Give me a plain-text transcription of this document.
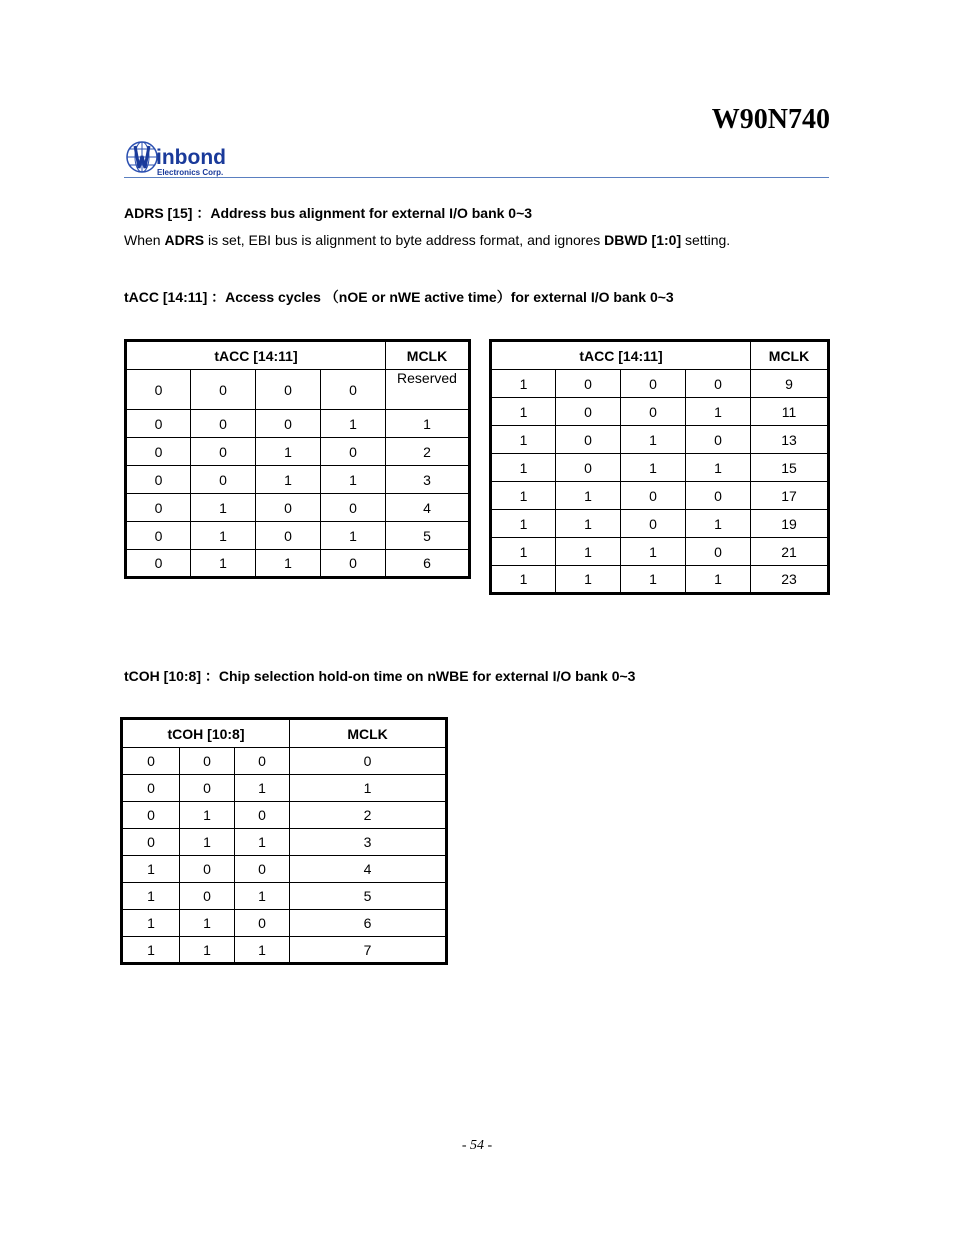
W90N740
inbond
Electronics Corp.
ADRS [15] ：Address bus alignment for external I/O bank 0~3
When ADRS is set, EBI bus is alignment to byte address format, and ignores DBWD [1:0] setting.
tACC [14:11] ：Access cycles （nOE or nWE active time）for external I/O bank 0~3
tACC [14:11]				MCLK
0	0	0	0	Reserved
0	0	0	1	1
0	0	1	0	2
0	0	1	1	3
0	1	0	0	4
0	1	0	1	5
0	1	1	0	6
tACC [14:11]				MCLK
1	0	0	0	9
1	0	0	1	11
1	0	1	0	13
1	0	1	1	15
1	1	0	0	17
1	1	0	1	19
1	1	1	0	21
1	1	1	1	23
tCOH [10:8] ：Chip selection hold-on time on nWBE for external I/O bank 0~3
tCOH [10:8]			MCLK
0	0	0	0
0	0	1	1
0	1	0	2
0	1	1	3
1	0	0	4
1	0	1	5
1	1	0	6
1	1	1	7
- 54 -
